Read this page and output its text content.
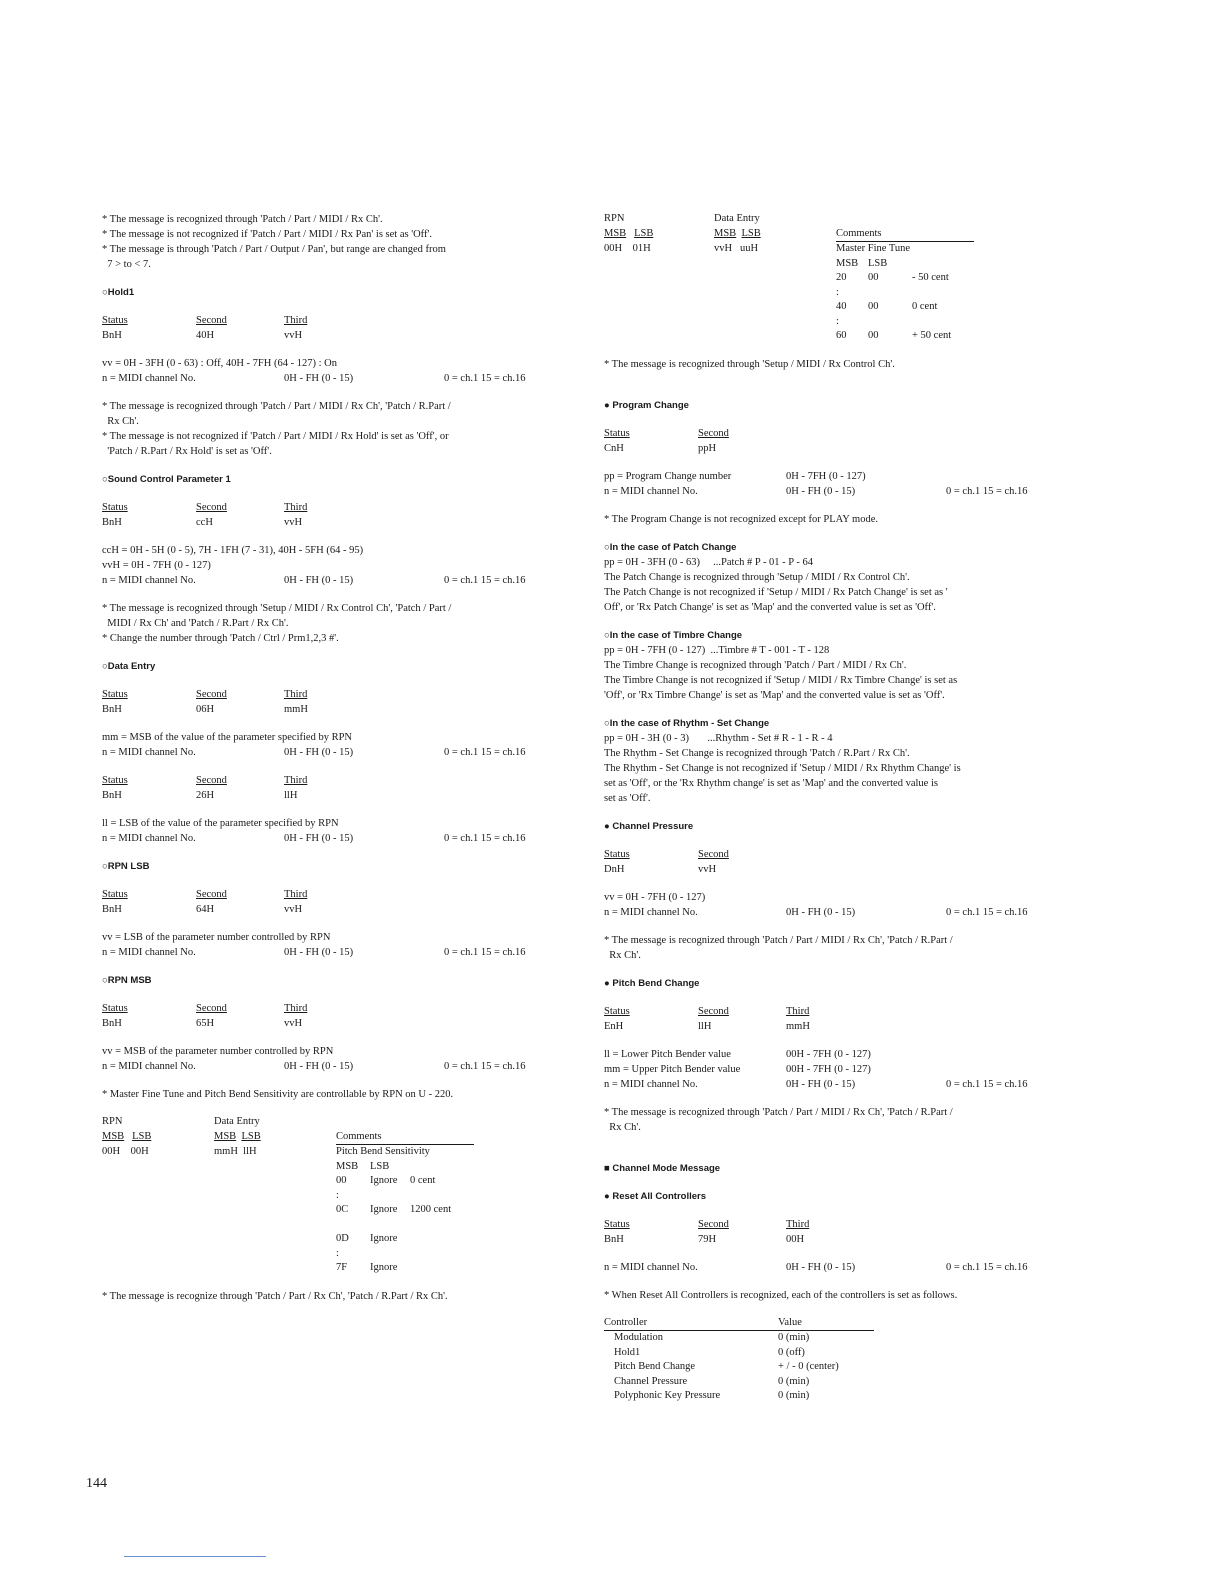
* The message is recognized through 'Patch / Part / MIDI / Rx Ch'.

* The message is not recognized if 'Patch / Part / MIDI / Rx Pan' is set as 'Off'.

* The message is through 'Patch / Part / Output / Pan', but range are changed from

7 > to < 7.

○Hold1

Status	Second	Third
BnH	40H	vvH

vv = 0H - 3FH (0 - 63) : Off, 40H - 7FH (64 - 127) : On

n = MIDI channel No.	0H - FH (0 - 15)	0 = ch.1 15 = ch.16

* The message is recognized through 'Patch / Part / MIDI / Rx Ch', 'Patch / R.Part /

Rx Ch'.

* The message is not recognized if 'Patch / Part / MIDI / Rx Hold' is set as 'Off', or

'Patch / R.Part / Rx Hold' is set as 'Off'.

○Sound Control Parameter 1

Status	Second	Third
BnH	ccH	vvH

ccH = 0H - 5H (0 - 5), 7H - 1FH (7 - 31), 40H - 5FH (64 - 95)

vvH = 0H - 7FH (0 - 127)

n = MIDI channel No.	0H - FH (0 - 15)	0 = ch.1 15 = ch.16

* The message is recognized through 'Setup / MIDI / Rx Control Ch', 'Patch / Part /

MIDI / Rx Ch' and 'Patch / R.Part / Rx Ch'.

* Change the number through 'Patch / Ctrl / Prm1,2,3 #'.

○Data Entry

Status	Second	Third
BnH	06H	mmH

mm = MSB of the value of the parameter specified by RPN

n = MIDI channel No.	0H - FH (0 - 15)	0 = ch.1 15 = ch.16
Status	Second	Third
BnH	26H	llH

ll = LSB of the value of the parameter specified by RPN

n = MIDI channel No.	0H - FH (0 - 15)	0 = ch.1 15 = ch.16

○RPN LSB

Status	Second	Third
BnH	64H	vvH

vv = LSB of the parameter number controlled by RPN

n = MIDI channel No.	0H - FH (0 - 15)	0 = ch.1 15 = ch.16

○RPN MSB

Status	Second	Third
BnH	65H	vvH

vv = MSB of the parameter number controlled by RPN

n = MIDI channel No.	0H - FH (0 - 15)	0 = ch.1 15 = ch.16

* Master Fine Tune and Pitch Bend Sensitivity are controllable by RPN on U - 220.

RPN	Data Entry	
MSB LSB	MSB LSB	Comments
00H 00H	mmH llH	Pitch Bend Sensitivity
		MSB LSB
		00 Ignore 0 cent
		:
		0C Ignore 1200 cent

		0D Ignore
		:
		7F Ignore

* The message is recognize through 'Patch / Part / Rx Ch', 'Patch / R.Part / Rx Ch'.

RPN	Data Entry	
MSB LSB	MSB LSB	Comments
00H 01H	vvH uuH	Master Fine Tune
		MSB LSB
		20 00 - 50 cent
		:
		40 00 0 cent
		:
		60 00 + 50 cent

* The message is recognized through 'Setup / MIDI / Rx Control Ch'.

● Program Change

Status	Second
CnH	ppH
pp = Program Change number	0H - 7FH (0 - 127)
n = MIDI channel No.	0H - FH (0 - 15)	0 = ch.1 15 = ch.16

* The Program Change is not recognized except for PLAY mode.

○In the case of Patch Change

pp = 0H - 3FH (0 - 63)     ...Patch # P - 01 - P - 64

The Patch Change is recognized through 'Setup / MIDI / Rx Control Ch'.

The Patch Change is not recognized if 'Setup / MIDI / Rx Patch Change' is set as '

Off', or 'Rx Patch Change' is set as 'Map' and the converted value is set as 'Off'.

○In the case of Timbre Change

pp = 0H - 7FH (0 - 127)  ...Timbre # T - 001 - T - 128

The Timbre Change is recognized through 'Patch / Part / MIDI / Rx Ch'.

The Timbre Change is not recognized if 'Setup / MIDI / Rx Timbre Change' is set as

'Off', or 'Rx Timbre Change' is set as 'Map' and the converted value is set as 'Off'.

○In the case of Rhythm - Set Change

pp = 0H - 3H (0 - 3)       ...Rhythm - Set # R - 1 - R - 4

The Rhythm - Set Change is recognized through 'Patch / R.Part / Rx Ch'.

The Rhythm - Set Change is not recognized if 'Setup / MIDI / Rx Rhythm Change' is

set as 'Off', or the 'Rx Rhythm change' is set as 'Map' and the converted value is

set as 'Off'.

● Channel Pressure

Status	Second
DnH	vvH

vv = 0H - 7FH (0 - 127)

n = MIDI channel No.	0H - FH (0 - 15)	0 = ch.1 15 = ch.16

* The message is recognized through 'Patch / Part / MIDI / Rx Ch', 'Patch / R.Part /

Rx Ch'.

● Pitch Bend Change

Status	Second	Third
EnH	llH	mmH
ll = Lower Pitch Bender value	00H - 7FH (0 - 127)
mm = Upper Pitch Bender value	00H - 7FH (0 - 127)
n = MIDI channel No.	0H - FH (0 - 15)	0 = ch.1 15 = ch.16

* The message is recognized through 'Patch / Part / MIDI / Rx Ch', 'Patch / R.Part /

Rx Ch'.

■ Channel Mode Message

● Reset All Controllers

Status	Second	Third
BnH	79H	00H
n = MIDI channel No.	0H - FH (0 - 15)	0 = ch.1 15 = ch.16

* When Reset All Controllers is recognized, each of the controllers is set as follows.

Controller	Value
Modulation	0 (min)
Hold1	0 (off)
Pitch Bend Change	+ / - 0 (center)
Channel Pressure	0 (min)
Polyphonic Key Pressure	0 (min)
144
